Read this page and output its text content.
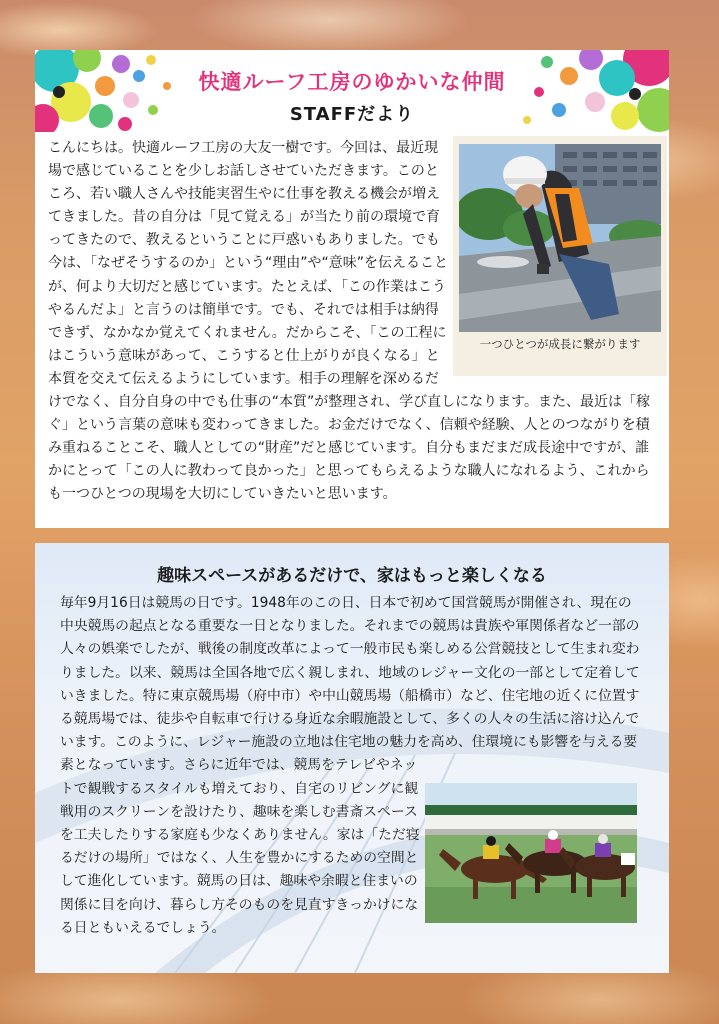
快適ルーフ工房のゆかいな仲間
STAFFだより

一つひとつが成長に繋がります

こんにちは。快適ルーフ工房の大友一樹です。今回は、最近現場で感じていることを少しお話しさせていただきます。このところ、若い職人さんや技能実習生やに仕事を教える機会が増えてきました。昔の自分は「見て覚える」が当たり前の環境で育ってきたので、教えるということに戸惑いもありました。でも今は、「なぜそうするのか」という“理由”や“意味”を伝えることが、何より大切だと感じています。たとえば、「この作業はこうやるんだよ」と言うのは簡単です。でも、それでは相手は納得できず、なかなか覚えてくれません。だからこそ、「この工程にはこういう意味があって、こうすると仕上がりが良くなる」と本質を交えて伝えるようにしています。相手の理解を深めるだけでなく、自分自身の中でも仕事の“本質”が整理され、学び直しになります。また、最近は「稼ぐ」という言葉の意味も変わってきました。お金だけでなく、信頼や経験、人とのつながりを積み重ねることこそ、職人としての“財産”だと感じています。自分もまだまだ成長途中ですが、誰かにとって「この人に教わって良かった」と思ってもらえるような職人になれるよう、これからも一つひとつの現場を大切にしていきたいと思います。
趣味スペースがあるだけで、家はもっと楽しくなる
毎年9月16日は競馬の日です。1948年のこの日、日本で初めて国営競馬が開催され、現在の中央競馬の起点となる重要な一日となりました。それまでの競馬は貴族や軍関係者など一部の人々の娯楽でしたが、戦後の制度改革によって一般市民も楽しめる公営競技として生まれ変わりました。以来、競馬は全国各地で広く親しまれ、地域のレジャー文化の一部として定着していきました。特に東京競馬場（府中市）や中山競馬場（船橋市）など、住宅地の近くに位置する競馬場では、徒歩や自転車で行ける身近な余暇施設として、多くの人々の生活に溶け込んでいます。このように、レジャー施設の立地は住宅地の魅力を高め、住環境にも影響を与える要素となっています。さらに近年では、競馬をテレビやネットで観戦するスタイルも増えており、自宅のリビングに観戦用のスクリーンを設けたり、趣味を楽しむ書斎スペースを工夫したりする家庭も少なくありません。家は「ただ寝るだけの場所」ではなく、人生を豊かにするための空間として進化しています。競馬の日は、趣味や余暇と住まいの関係に目を向け、暮らし方そのものを見直すきっかけになる日ともいえるでしょう。
